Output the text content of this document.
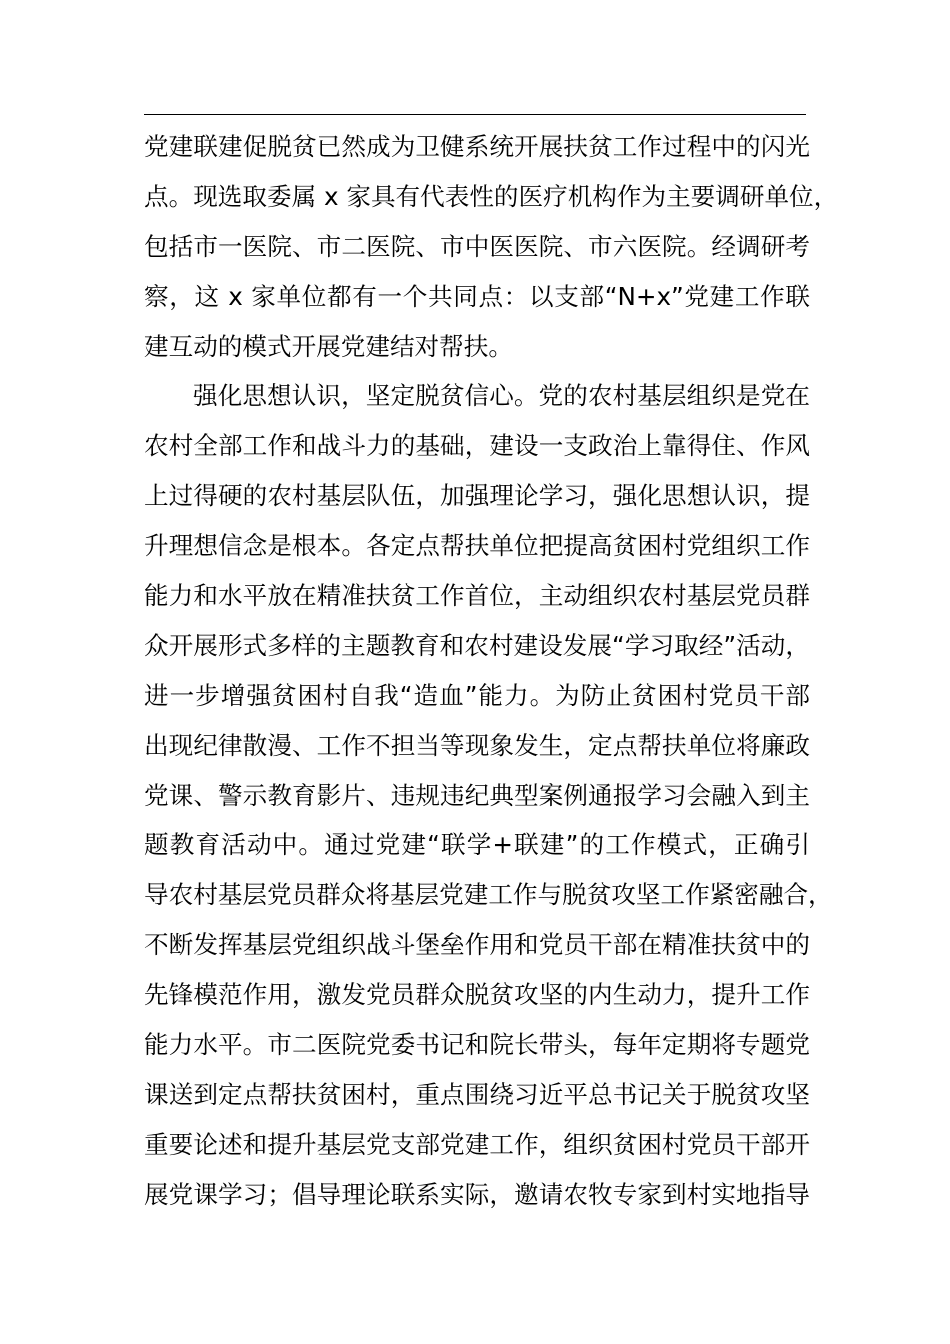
党建联建促脱贫已然成为卫健系统开展扶贫工作过程中的闪光
点。现选取委属 x 家具有代表性的医疗机构作为主要调研单位，
包括市一医院、市二医院、市中医医院、市六医院。经调研考
察，这 x 家单位都有一个共同点：以支部“N+x”党建工作联
建互动的模式开展党建结对帮扶。
强化思想认识，坚定脱贫信心。党的农村基层组织是党在
农村全部工作和战斗力的基础，建设一支政治上靠得住、作风
上过得硬的农村基层队伍，加强理论学习，强化思想认识，提
升理想信念是根本。各定点帮扶单位把提高贫困村党组织工作
能力和水平放在精准扶贫工作首位，主动组织农村基层党员群
众开展形式多样的主题教育和农村建设发展“学习取经”活动，
进一步增强贫困村自我“造血”能力。为防止贫困村党员干部
出现纪律散漫、工作不担当等现象发生，定点帮扶单位将廉政
党课、警示教育影片、违规违纪典型案例通报学习会融入到主
题教育活动中。通过党建“联学+联建”的工作模式，正确引
导农村基层党员群众将基层党建工作与脱贫攻坚工作紧密融合，
不断发挥基层党组织战斗堡垒作用和党员干部在精准扶贫中的
先锋模范作用，激发党员群众脱贫攻坚的内生动力，提升工作
能力水平。市二医院党委书记和院长带头，每年定期将专题党
课送到定点帮扶贫困村，重点围绕习近平总书记关于脱贫攻坚
重要论述和提升基层党支部党建工作，组织贫困村党员干部开
展党课学习；倡导理论联系实际，邀请农牧专家到村实地指导
